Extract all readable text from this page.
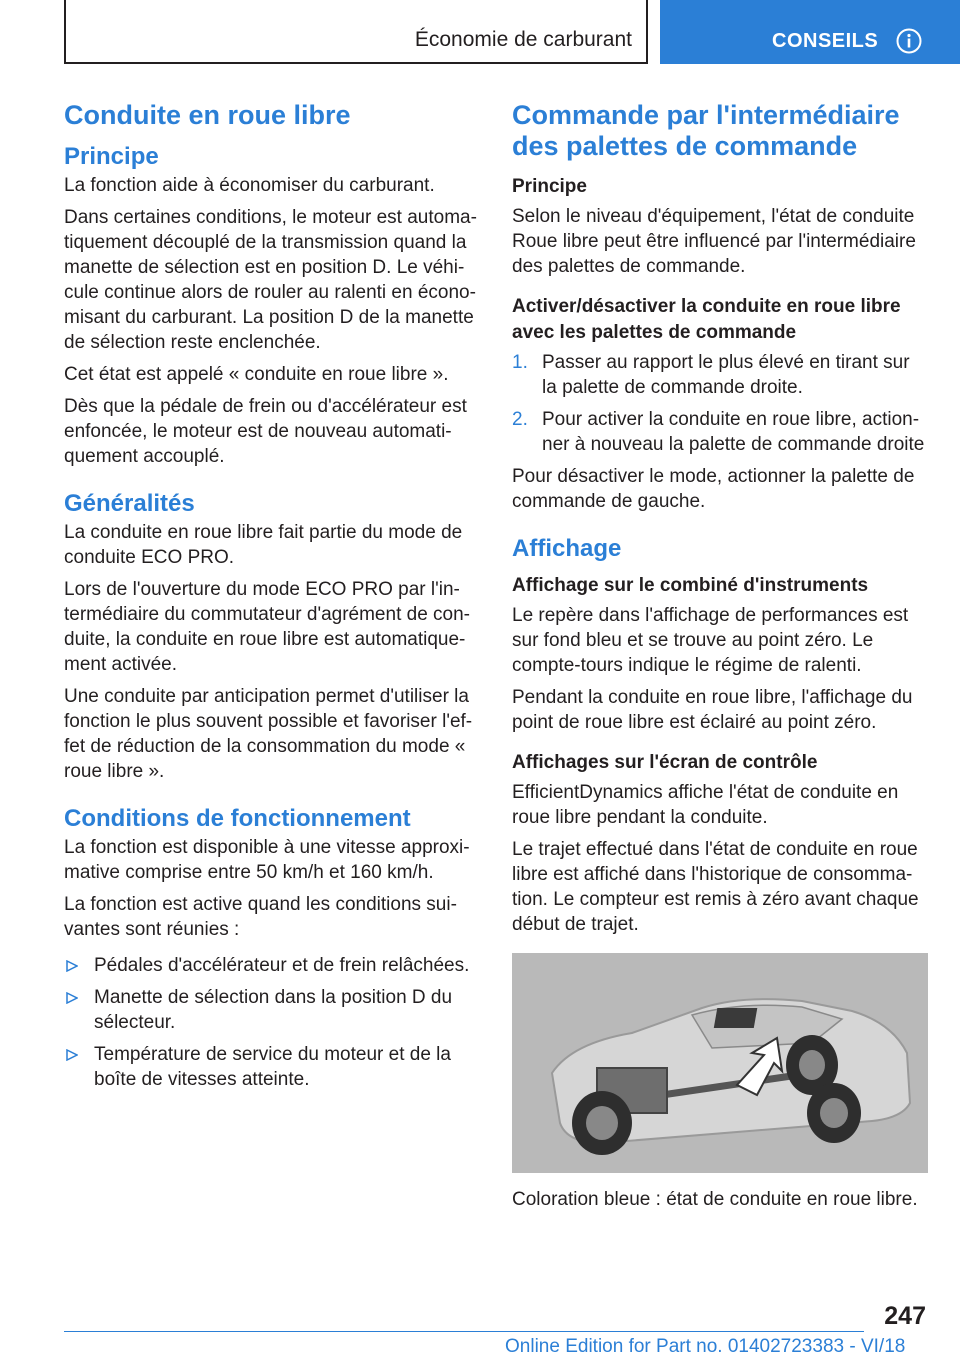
Économie de carburant	CONSEILS
Conduite en roue libre
Principe
La fonction aide à économiser du carburant.
Dans certaines conditions, le moteur est automa-tiquement découplé de la transmission quand la manette de sélection est en position D. Le véhi-cule continue alors de rouler au ralenti en écono-misant du carburant. La position D de la manette de sélection reste enclenchée.
Cet état est appelé « conduite en roue libre ».
Dès que la pédale de frein ou d'accélérateur est enfoncée, le moteur est de nouveau automati-quement accouplé.
Généralités
La conduite en roue libre fait partie du mode de conduite ECO PRO.
Lors de l'ouverture du mode ECO PRO par l'in-termédiaire du commutateur d'agrément de con-duite, la conduite en roue libre est automatique-ment activée.
Une conduite par anticipation permet d'utiliser la fonction le plus souvent possible et favoriser l'ef-fet de réduction de la consommation du mode « roue libre ».
Conditions de fonctionnement
La fonction est disponible à une vitesse approxi-mative comprise entre 50 km/h et 160 km/h.
La fonction est active quand les conditions sui-vantes sont réunies :
Pédales d'accélérateur et de frein relâchées.
Manette de sélection dans la position D du sélecteur.
Température de service du moteur et de la boîte de vitesses atteinte.
Commande par l'intermédiaire des palettes de commande
Principe
Selon le niveau d'équipement, l'état de conduite Roue libre peut être influencé par l'intermédiaire des palettes de commande.
Activer/désactiver la conduite en roue libre avec les palettes de commande
1. Passer au rapport le plus élevé en tirant sur la palette de commande droite.
2. Pour activer la conduite en roue libre, action-ner à nouveau la palette de commande droite
Pour désactiver le mode, actionner la palette de commande de gauche.
Affichage
Affichage sur le combiné d'instruments
Le repère dans l'affichage de performances est sur fond bleu et se trouve au point zéro. Le compte-tours indique le régime de ralenti.
Pendant la conduite en roue libre, l'affichage du point de roue libre est éclairé au point zéro.
Affichages sur l'écran de contrôle
EfficientDynamics affiche l'état de conduite en roue libre pendant la conduite.
Le trajet effectué dans l'état de conduite en roue libre est affiché dans l'historique de consomma-tion. Le compteur est remis à zéro avant chaque début de trajet.
Coloration bleue : état de conduite en roue libre.
247
Online Edition for Part no. 01402723383 - VI/18
